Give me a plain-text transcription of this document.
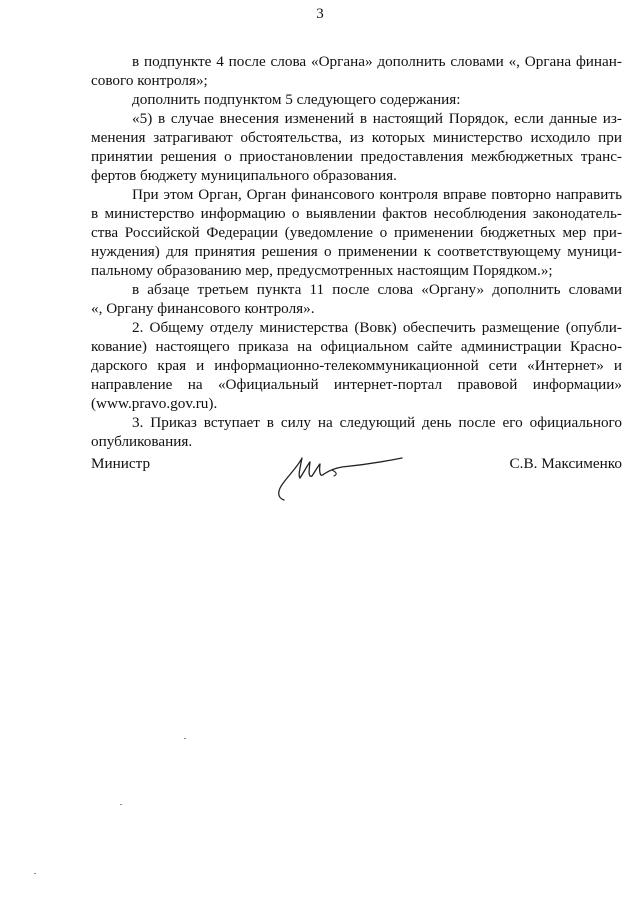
3
в подпункте 4 после слова «Органа» дополнить словами «, Органа финан-
сового контроля»;
дополнить подпунктом 5 следующего содержания:
«5) в случае внесения изменений в настоящий Порядок, если данные из-
менения затрагивают обстоятельства, из которых министерство исходило при
принятии решения о приостановлении предоставления межбюджетных транс-
фертов бюджету муниципального образования.
При этом Орган, Орган финансового контроля вправе повторно направить
в министерство информацию о выявлении фактов несоблюдения законодатель-
ства Российской Федерации (уведомление о применении бюджетных мер при-
нуждения) для принятия решения о применении к соответствующему муници-
пальному образованию мер, предусмотренных настоящим Порядком.»;
в абзаце третьем пункта 11 после слова «Органу» дополнить словами
«, Органу финансового контроля».
2. Общему отделу министерства (Вовк) обеспечить размещение (опубли-
кование) настоящего приказа на официальном сайте администрации Красно-
дарского края и информационно-телекоммуникационной сети «Интернет» и
направление на «Официальный интернет-портал правовой информации»
(www.pravo.gov.ru).
3. Приказ вступает в силу на следующий день после его официального
опубликования.
Министр	С.В. Максименко
